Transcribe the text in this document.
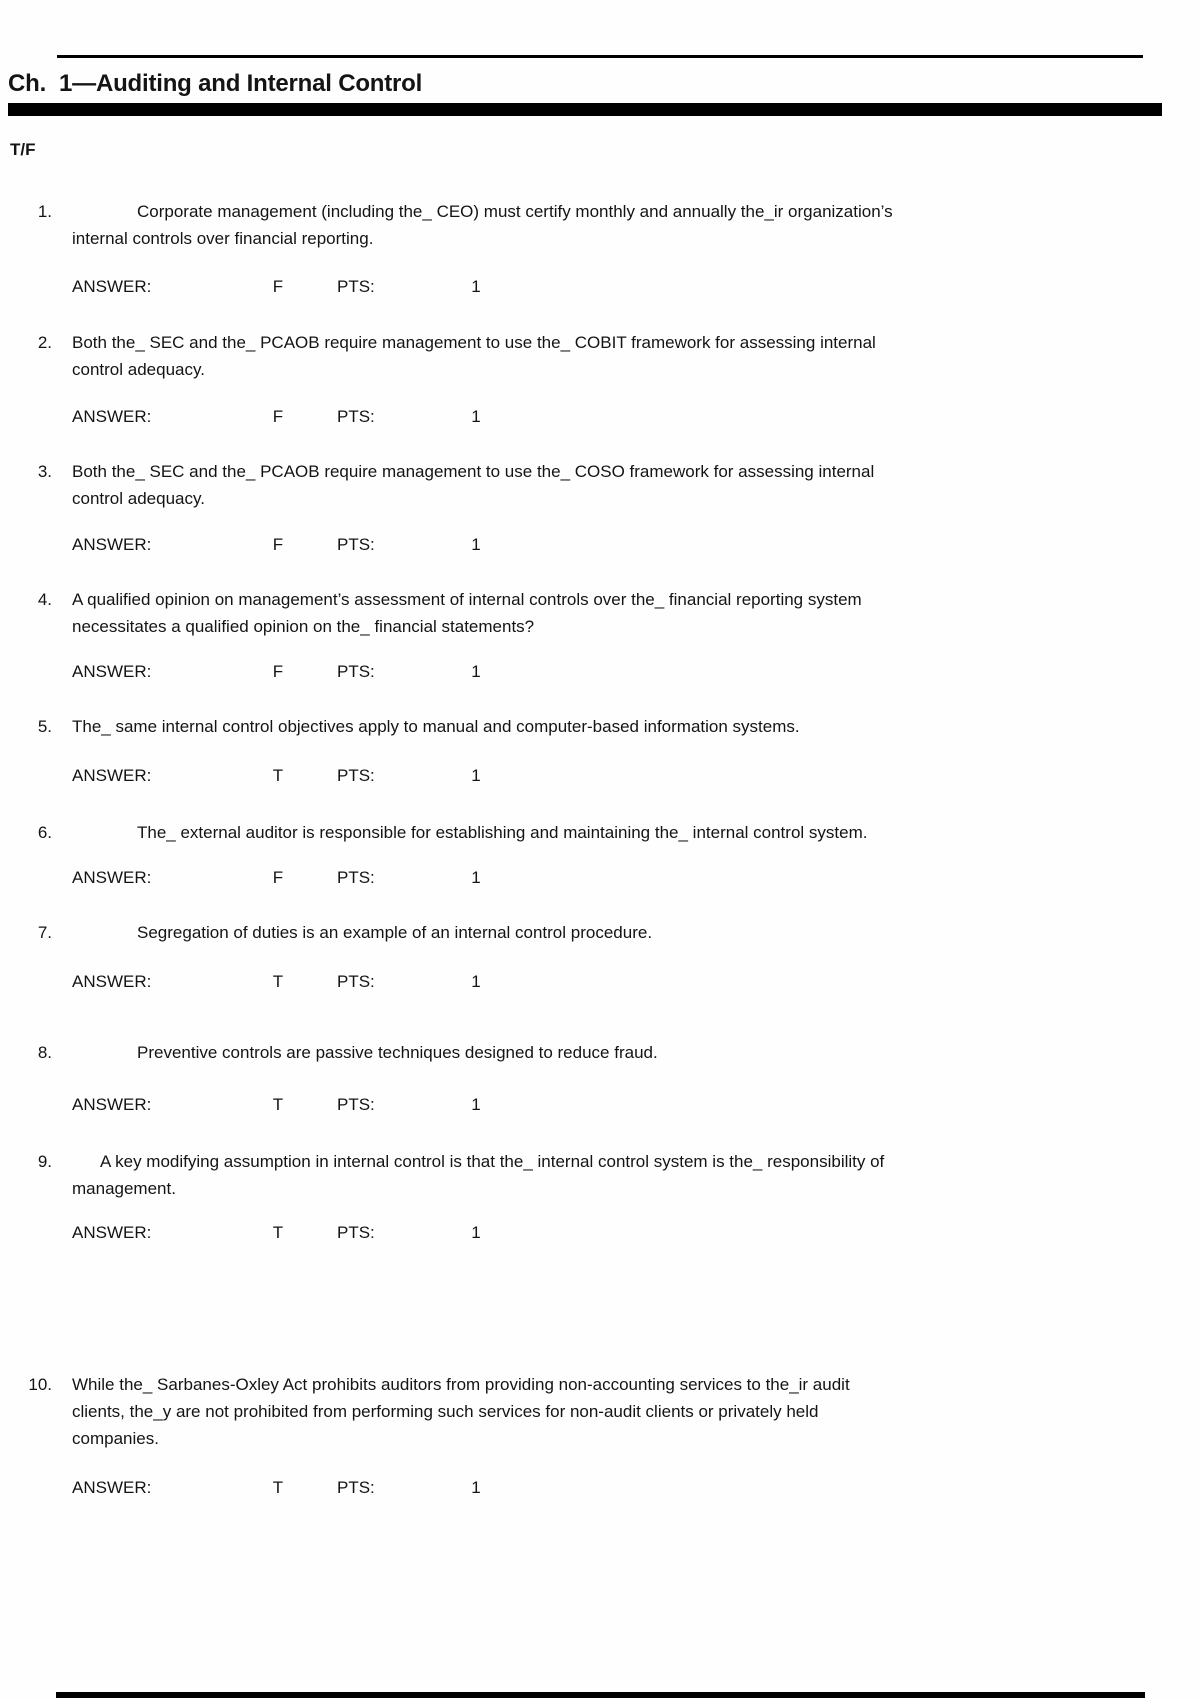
Ch.  1—Auditing and Internal Control
T/F
1.	Corporate management (including the_ CEO) must certify monthly and annually the_ir organization’s
internal controls over financial reporting.
ANSWER:	F	PTS:	1
2. Both the_ SEC and the_ PCAOB require management to use the_ COBIT framework for assessing internal
control adequacy.
ANSWER:	F	PTS:	1
3. Both the_ SEC and the_ PCAOB require management to use the_ COSO framework for assessing internal
control adequacy.
ANSWER:	F	PTS:	1
4. A qualified opinion on management’s assessment of internal controls over the_ financial reporting system
necessitates a qualified opinion on the_ financial statements?
ANSWER:	F	PTS:	1
5. The_ same internal control objectives apply to manual and computer-based information systems.
ANSWER:	T	PTS:	1
6.	The_ external auditor is responsible for establishing and maintaining the_ internal control system.
ANSWER:	F	PTS:	1
7.	Segregation of duties is an example of an internal control procedure.
ANSWER:	T	PTS:	1
8.	Preventive controls are passive techniques designed to reduce fraud.
ANSWER:	T	PTS:	1
9.	A key modifying assumption in internal control is that the_ internal control system is the_ responsibility of
management.
ANSWER:	T	PTS:	1
10. While the_ Sarbanes-Oxley Act prohibits auditors from providing non-accounting services to the_ir audit
clients, the_y are not prohibited from performing such services for non-audit clients or privately held
companies.
ANSWER:	T	PTS:	1
